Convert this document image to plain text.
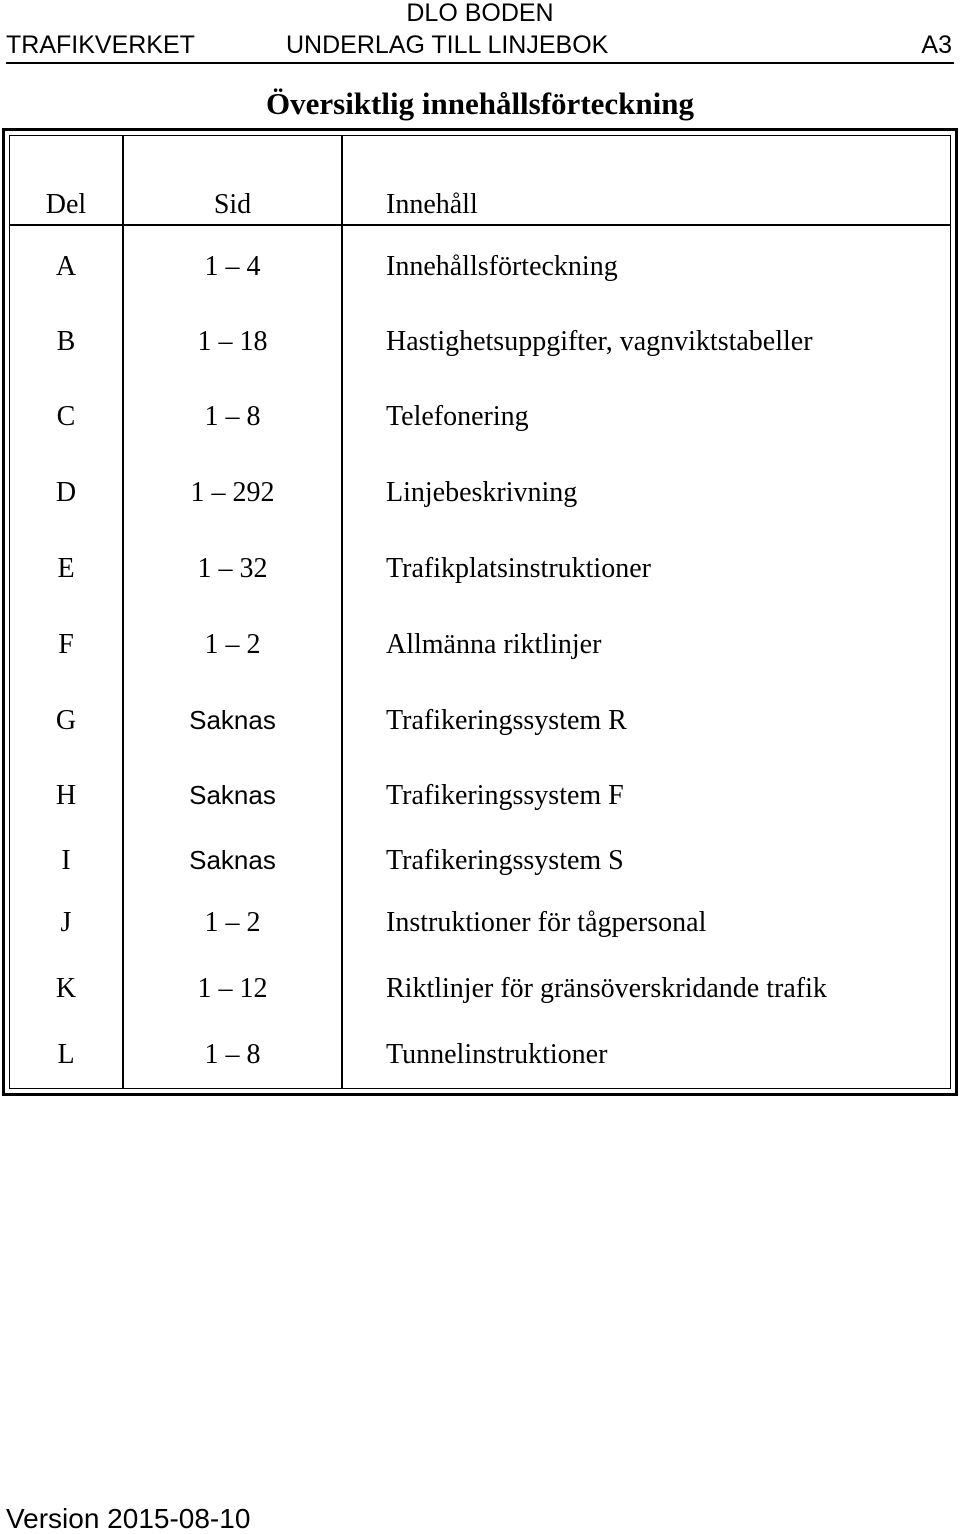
DLO BODEN
TRAFIKVERKET	UNDERLAG TILL LINJEBOK	A3
Översiktlig innehållsförteckning
Del	Sid	Innehåll
A	1 – 4	Innehållsförteckning
B	1 – 18	Hastighetsuppgifter, vagnviktstabeller
C	1 – 8	Telefonering
D	1 – 292	Linjebeskrivning
E	1 – 32	Trafikplatsinstruktioner
F	1 – 2	Allmänna riktlinjer
G	Saknas	Trafikeringssystem R
H	Saknas	Trafikeringssystem F
I	Saknas	Trafikeringssystem S
J	1 – 2	Instruktioner för tågpersonal
K	1 – 12	Riktlinjer för gränsöverskridande trafik
L	1 – 8	Tunnelinstruktioner
Version 2015-08-10
